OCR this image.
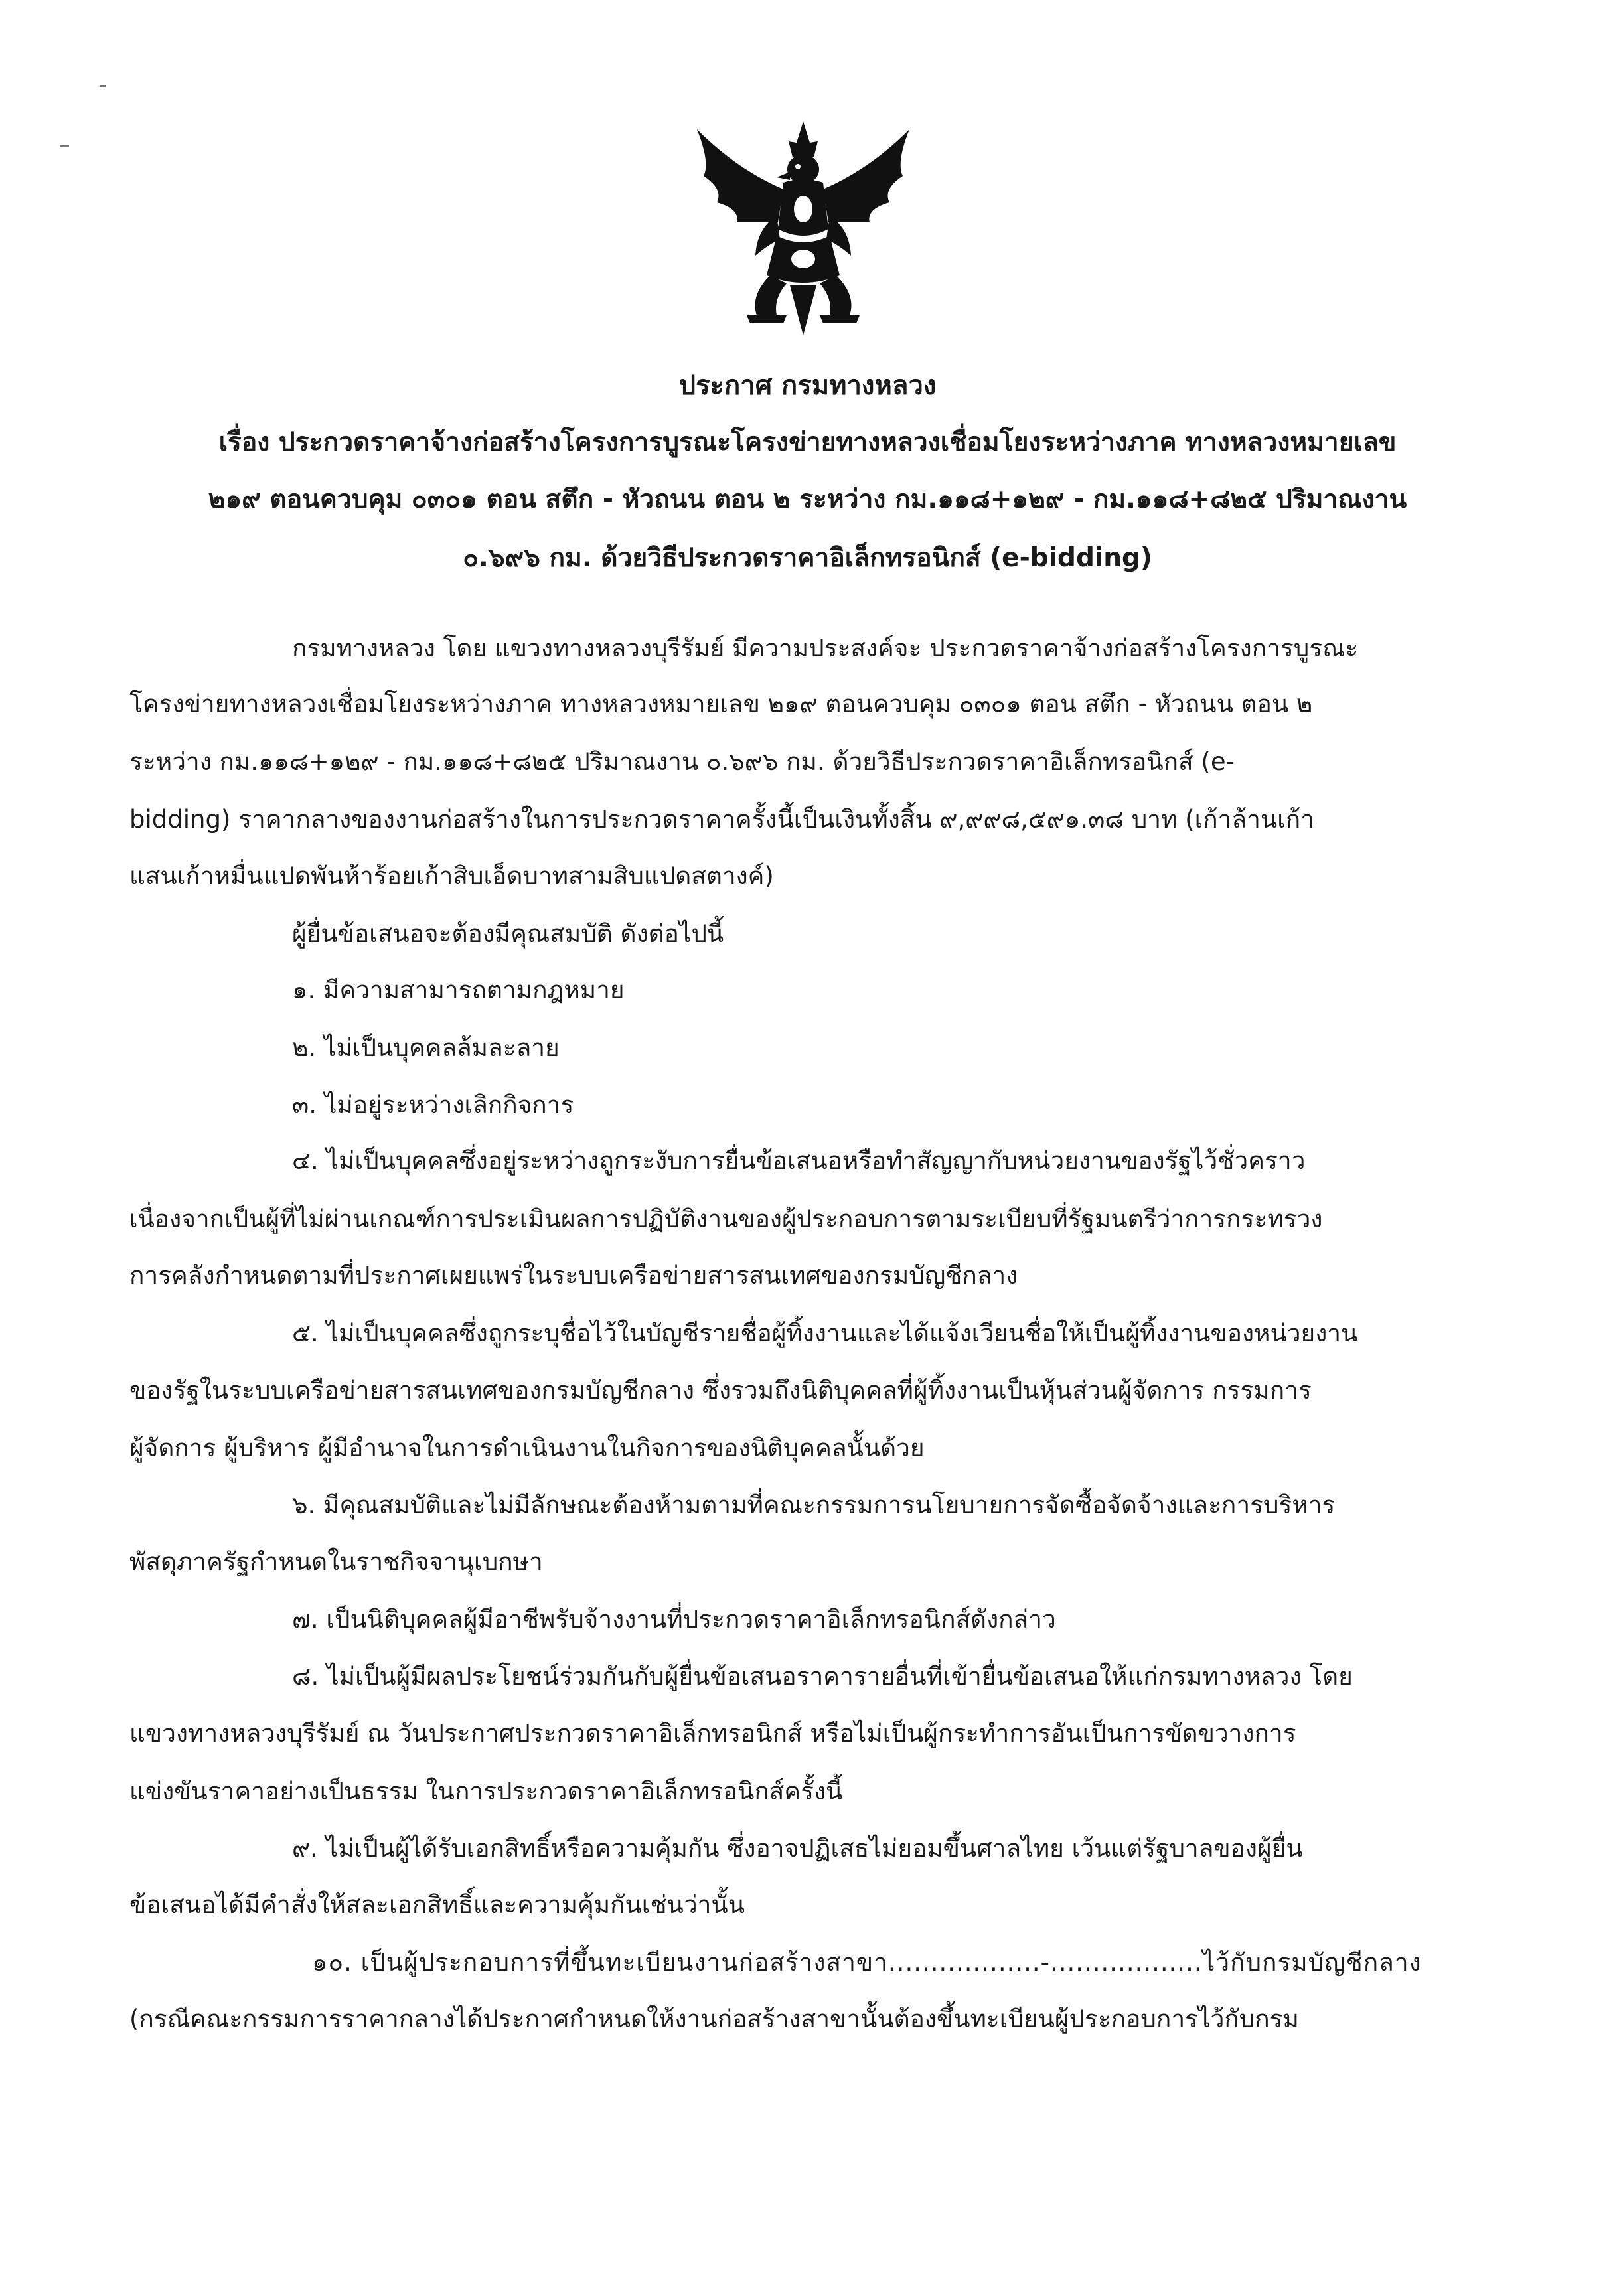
ประกาศ กรมทางหลวง
เรื่อง ประกวดราคาจ้างก่อสร้างโครงการบูรณะโครงข่ายทางหลวงเชื่อมโยงระหว่างภาค ทางหลวงหมายเลข
๒๑๙ ตอนควบคุม ๐๓๐๑ ตอน สตึก - หัวถนน ตอน ๒ ระหว่าง กม.๑๑๘+๑๒๙ - กม.๑๑๘+๘๒๕ ปริมาณงาน
๐.๖๙๖ กม. ด้วยวิธีประกวดราคาอิเล็กทรอนิกส์ (e-bidding)
กรมทางหลวง โดย แขวงทางหลวงบุรีรัมย์ มีความประสงค์จะ ประกวดราคาจ้างก่อสร้างโครงการบูรณะ
โครงข่ายทางหลวงเชื่อมโยงระหว่างภาค ทางหลวงหมายเลข ๒๑๙ ตอนควบคุม ๐๓๐๑ ตอน สตึก - หัวถนน ตอน ๒
ระหว่าง กม.๑๑๘+๑๒๙ - กม.๑๑๘+๘๒๕ ปริมาณงาน ๐.๖๙๖ กม. ด้วยวิธีประกวดราคาอิเล็กทรอนิกส์ (e-
bidding) ราคากลางของงานก่อสร้างในการประกวดราคาครั้งนี้เป็นเงินทั้งสิ้น ๙,๙๙๘,๕๙๑.๓๘ บาท (เก้าล้านเก้า
แสนเก้าหมื่นแปดพันห้าร้อยเก้าสิบเอ็ดบาทสามสิบแปดสตางค์)
ผู้ยื่นข้อเสนอจะต้องมีคุณสมบัติ ดังต่อไปนี้
๑. มีความสามารถตามกฎหมาย
๒. ไม่เป็นบุคคลล้มละลาย
๓. ไม่อยู่ระหว่างเลิกกิจการ
๔. ไม่เป็นบุคคลซึ่งอยู่ระหว่างถูกระงับการยื่นข้อเสนอหรือทำสัญญากับหน่วยงานของรัฐไว้ชั่วคราว
เนื่องจากเป็นผู้ที่ไม่ผ่านเกณฑ์การประเมินผลการปฏิบัติงานของผู้ประกอบการตามระเบียบที่รัฐมนตรีว่าการกระทรวง
การคลังกำหนดตามที่ประกาศเผยแพร่ในระบบเครือข่ายสารสนเทศของกรมบัญชีกลาง
๕. ไม่เป็นบุคคลซึ่งถูกระบุชื่อไว้ในบัญชีรายชื่อผู้ทิ้งงานและได้แจ้งเวียนชื่อให้เป็นผู้ทิ้งงานของหน่วยงาน
ของรัฐในระบบเครือข่ายสารสนเทศของกรมบัญชีกลาง ซึ่งรวมถึงนิติบุคคลที่ผู้ทิ้งงานเป็นหุ้นส่วนผู้จัดการ กรรมการ
ผู้จัดการ ผู้บริหาร ผู้มีอำนาจในการดำเนินงานในกิจการของนิติบุคคลนั้นด้วย
๖. มีคุณสมบัติและไม่มีลักษณะต้องห้ามตามที่คณะกรรมการนโยบายการจัดซื้อจัดจ้างและการบริหาร
พัสดุภาครัฐกำหนดในราชกิจจานุเบกษา
๗. เป็นนิติบุคคลผู้มีอาชีพรับจ้างงานที่ประกวดราคาอิเล็กทรอนิกส์ดังกล่าว
๘. ไม่เป็นผู้มีผลประโยชน์ร่วมกันกับผู้ยื่นข้อเสนอราคารายอื่นที่เข้ายื่นข้อเสนอให้แก่กรมทางหลวง โดย
แขวงทางหลวงบุรีรัมย์ ณ วันประกาศประกวดราคาอิเล็กทรอนิกส์ หรือไม่เป็นผู้กระทำการอันเป็นการขัดขวางการ
แข่งขันราคาอย่างเป็นธรรม ในการประกวดราคาอิเล็กทรอนิกส์ครั้งนี้
๙. ไม่เป็นผู้ได้รับเอกสิทธิ์หรือความคุ้มกัน ซึ่งอาจปฏิเสธไม่ยอมขึ้นศาลไทย เว้นแต่รัฐบาลของผู้ยื่น
ข้อเสนอได้มีคำสั่งให้สละเอกสิทธิ์และความคุ้มกันเช่นว่านั้น
๑๐. เป็นผู้ประกอบการที่ขึ้นทะเบียนงานก่อสร้างสาขา..................-..................ไว้กับกรมบัญชีกลาง
(กรณีคณะกรรมการราคากลางได้ประกาศกำหนดให้งานก่อสร้างสาขานั้นต้องขึ้นทะเบียนผู้ประกอบการไว้กับกรม
